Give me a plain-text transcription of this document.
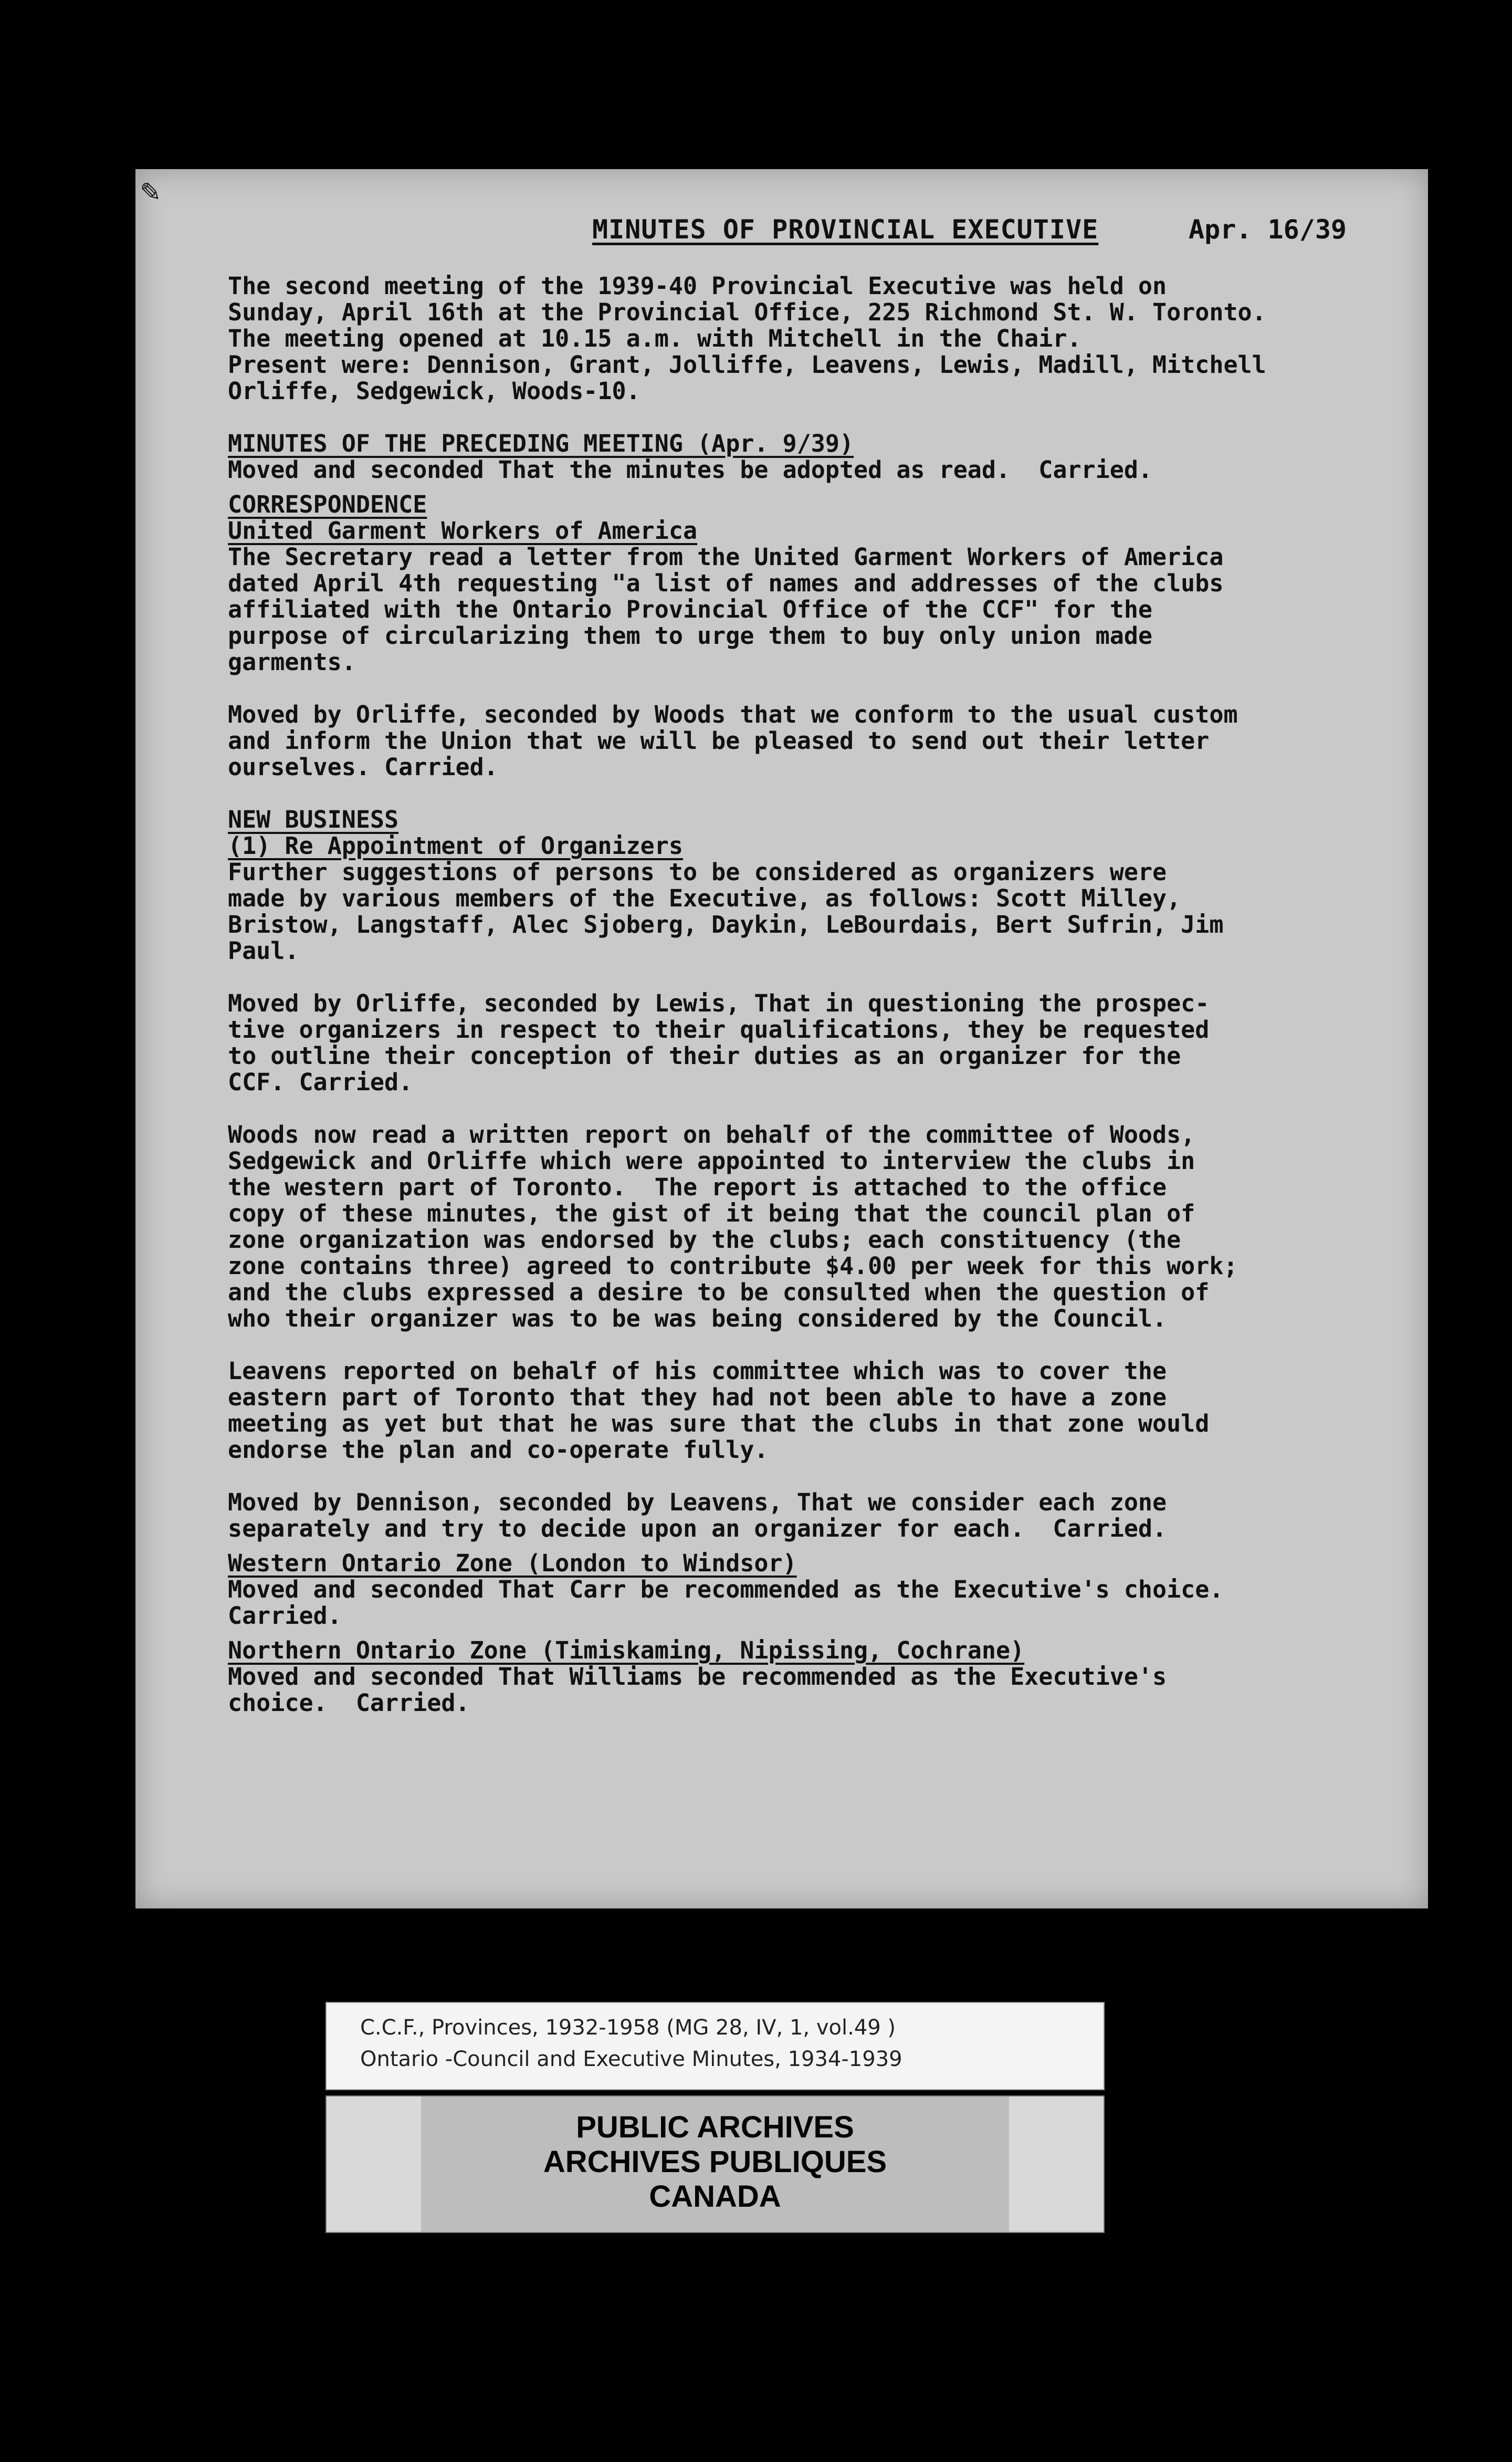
✎
MINUTES OF PROVINCIAL EXECUTIVE	Apr. 16/39

The second meeting of the 1939-40 Provincial Executive was held on
Sunday, April 16th at the Provincial Office, 225 Richmond St. W. Toronto.
The meeting opened at 10.15 a.m. with Mitchell in the Chair.
Present were: Dennison, Grant, Jolliffe, Leavens, Lewis, Madill, Mitchell
Orliffe, Sedgewick, Woods-10.

MINUTES OF THE PRECEDING MEETING (Apr. 9/39)

Moved and seconded That the minutes be adopted as read.  Carried.

CORRESPONDENCE

United Garment Workers of America

The Secretary read a letter from the United Garment Workers of America
dated April 4th requesting "a list of names and addresses of the clubs
affiliated with the Ontario Provincial Office of the CCF" for the
purpose of circularizing them to urge them to buy only union made
garments.

Moved by Orliffe, seconded by Woods that we conform to the usual custom
and inform the Union that we will be pleased to send out their letter
ourselves. Carried.

NEW BUSINESS

(1) Re Appointment of Organizers

Further suggestions of persons to be considered as organizers were
made by various members of the Executive, as follows: Scott Milley,
Bristow, Langstaff, Alec Sjoberg, Daykin, LeBourdais, Bert Sufrin, Jim
Paul.

Moved by Orliffe, seconded by Lewis, That in questioning the prospec-
tive organizers in respect to their qualifications, they be requested
to outline their conception of their duties as an organizer for the
CCF. Carried.

Woods now read a written report on behalf of the committee of Woods,
Sedgewick and Orliffe which were appointed to interview the clubs in
the western part of Toronto.  The report is attached to the office
copy of these minutes, the gist of it being that the council plan of
zone organization was endorsed by the clubs; each constituency (the
zone contains three) agreed to contribute $4.00 per week for this work;
and the clubs expressed a desire to be consulted when the question of
who their organizer was to be was being considered by the Council.

Leavens reported on behalf of his committee which was to cover the
eastern part of Toronto that they had not been able to have a zone
meeting as yet but that he was sure that the clubs in that zone would
endorse the plan and co-operate fully.

Moved by Dennison, seconded by Leavens, That we consider each zone
separately and try to decide upon an organizer for each.  Carried.

Western Ontario Zone (London to Windsor)

Moved and seconded That Carr be recommended as the Executive's choice.
Carried.

Northern Ontario Zone (Timiskaming, Nipissing, Cochrane)

Moved and seconded That Williams be recommended as the Executive's
choice.  Carried.

C.C.F., Provinces, 1932-1958 (MG 28, IV, 1, vol.49 )
Ontario -Council and Executive Minutes, 1934-1939
PUBLIC ARCHIVES
ARCHIVES PUBLIQUES
CANADA
